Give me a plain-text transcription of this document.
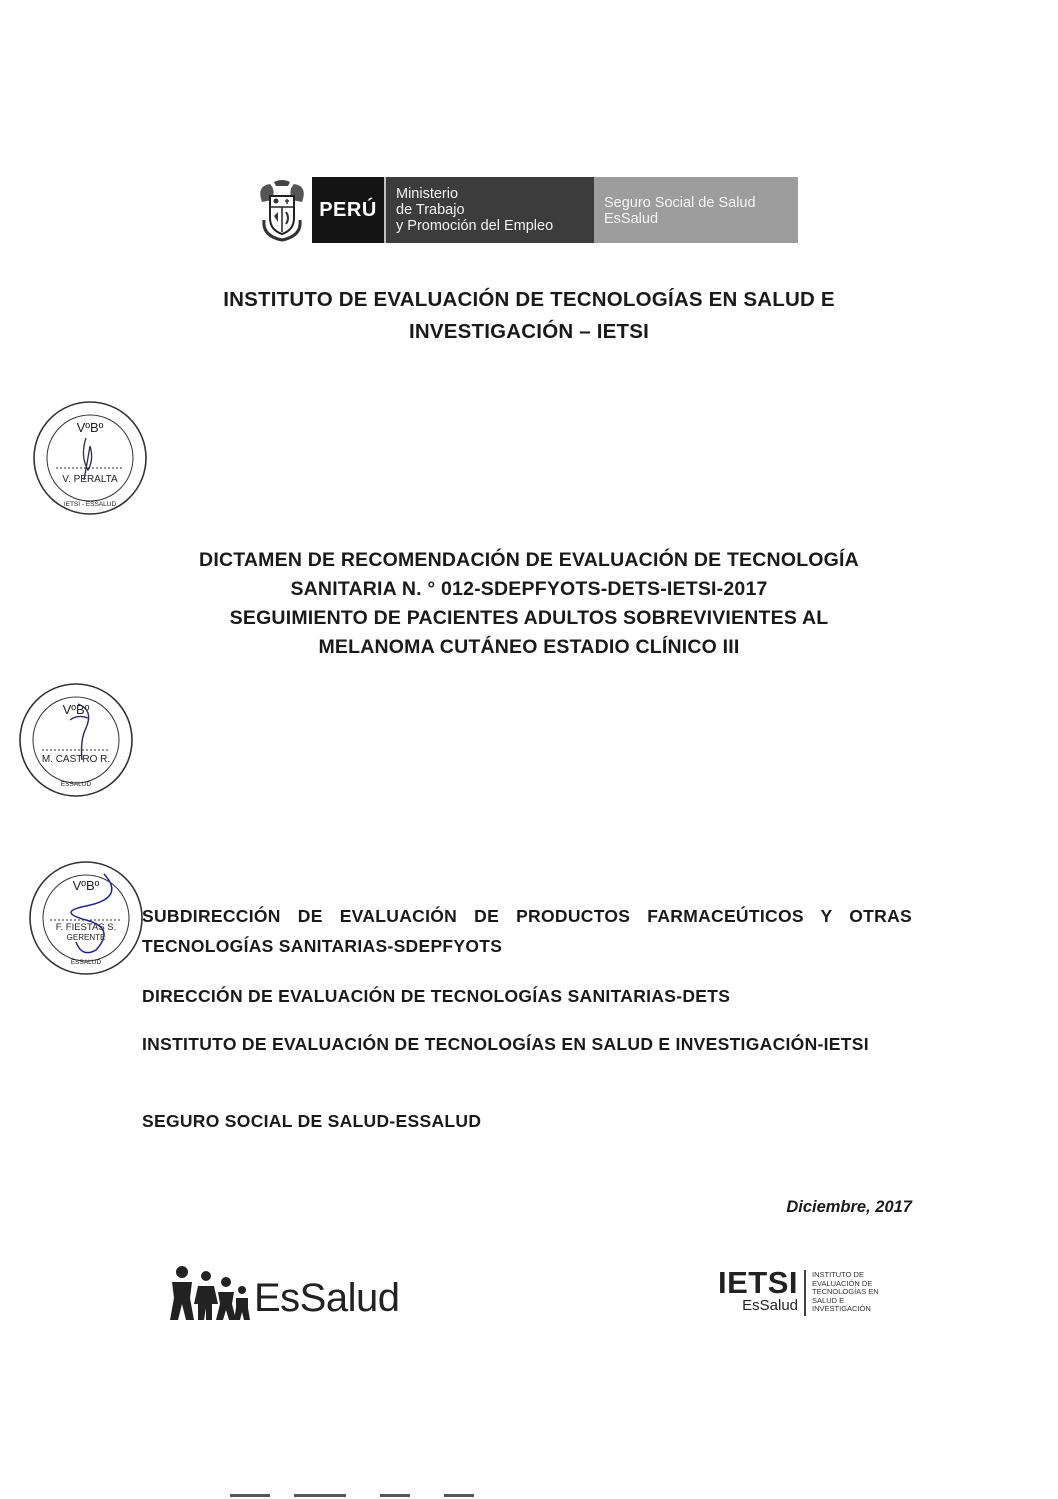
PERÚ
Ministerio
de Trabajo
y Promoción del Empleo
Seguro Social de Salud
EsSalud
INSTITUTO DE EVALUACIÓN DE TECNOLOGÍAS EN SALUD E
INVESTIGACIÓN – IETSI
VºBº
V. PERALTA
IETSI - ESSALUD
DICTAMEN DE RECOMENDACIÓN DE EVALUACIÓN DE TECNOLOGÍA
SANITARIA N. ° 012-SDEPFYOTS-DETS-IETSI-2017
SEGUIMIENTO DE PACIENTES ADULTOS SOBREVIVIENTES AL
MELANOMA CUTÁNEO ESTADIO CLÍNICO III
VºBº
M. CASTRO R.
ESSALUD
VºBº
F. FIESTAS S.
GERENTE
ESSALUD
SUBDIRECCIÓN DE EVALUACIÓN DE PRODUCTOS FARMACEÚTICOS Y OTRAS TECNOLOGÍAS SANITARIAS-SDEPFYOTS
DIRECCIÓN DE EVALUACIÓN DE TECNOLOGÍAS SANITARIAS-DETS
INSTITUTO DE EVALUACIÓN DE TECNOLOGÍAS EN SALUD E INVESTIGACIÓN-IETSI
SEGURO SOCIAL DE SALUD-ESSALUD
Diciembre, 2017
EsSalud	IETSI
EsSalud
INSTITUTO DE
EVALUACIÓN DE
TECNOLOGÍAS EN
SALUD E
INVESTIGACIÓN
